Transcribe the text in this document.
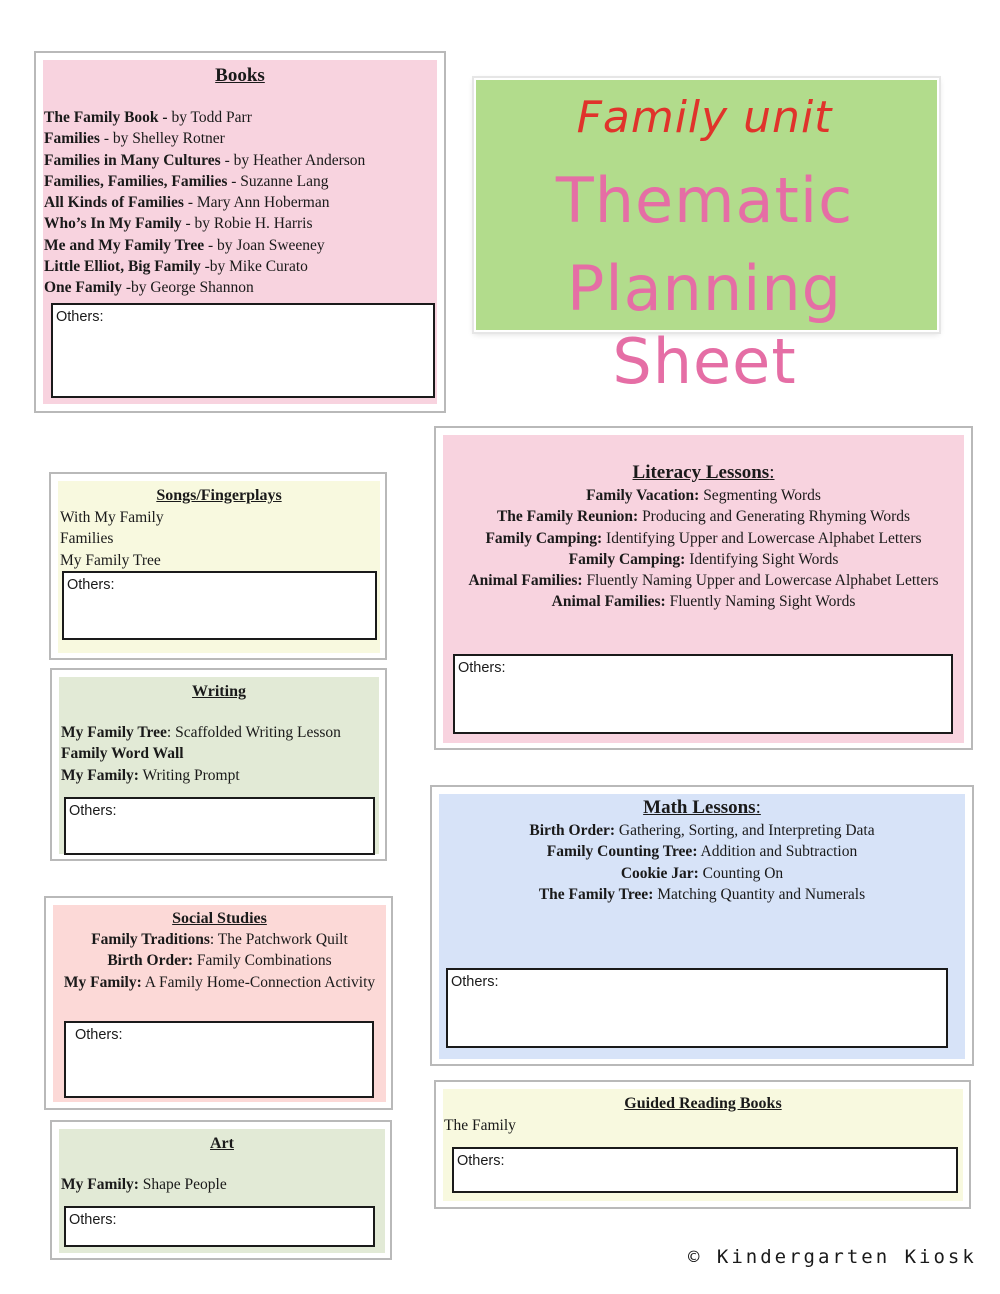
Family unit
Thematic
Planning Sheet
Books
The Family Book - by Todd Parr
Families - by Shelley Rotner
Families in Many Cultures - by Heather Anderson
Families, Families, Families - Suzanne Lang
All Kinds of Families - Mary Ann Hoberman
Who’s In My Family - by Robie H. Harris
Me and My Family Tree - by Joan Sweeney
Little Elliot, Big Family -by Mike Curato
One Family -by George Shannon
Others:
Songs/Fingerplays
With My Family
Families
My Family Tree
Others:
Writing
My Family Tree: Scaffolded Writing Lesson
Family Word Wall
My Family: Writing Prompt
Others:
Social Studies
Family Traditions: The Patchwork Quilt
Birth Order: Family Combinations
My Family: A Family Home-Connection Activity
Others:
Art
My Family: Shape People
Others:
Literacy Lessons:
Family Vacation: Segmenting Words
The Family Reunion: Producing and Generating Rhyming Words
Family Camping: Identifying Upper and Lowercase Alphabet Letters
Family Camping: Identifying Sight Words
Animal Families: Fluently Naming Upper and Lowercase Alphabet Letters
Animal Families: Fluently Naming Sight Words
Others:
Math Lessons:
Birth Order: Gathering, Sorting, and Interpreting Data
Family Counting Tree: Addition and Subtraction
Cookie Jar: Counting On
The Family Tree: Matching Quantity and Numerals
Others:
Guided Reading Books
The Family
Others:
© Kindergarten Kiosk
